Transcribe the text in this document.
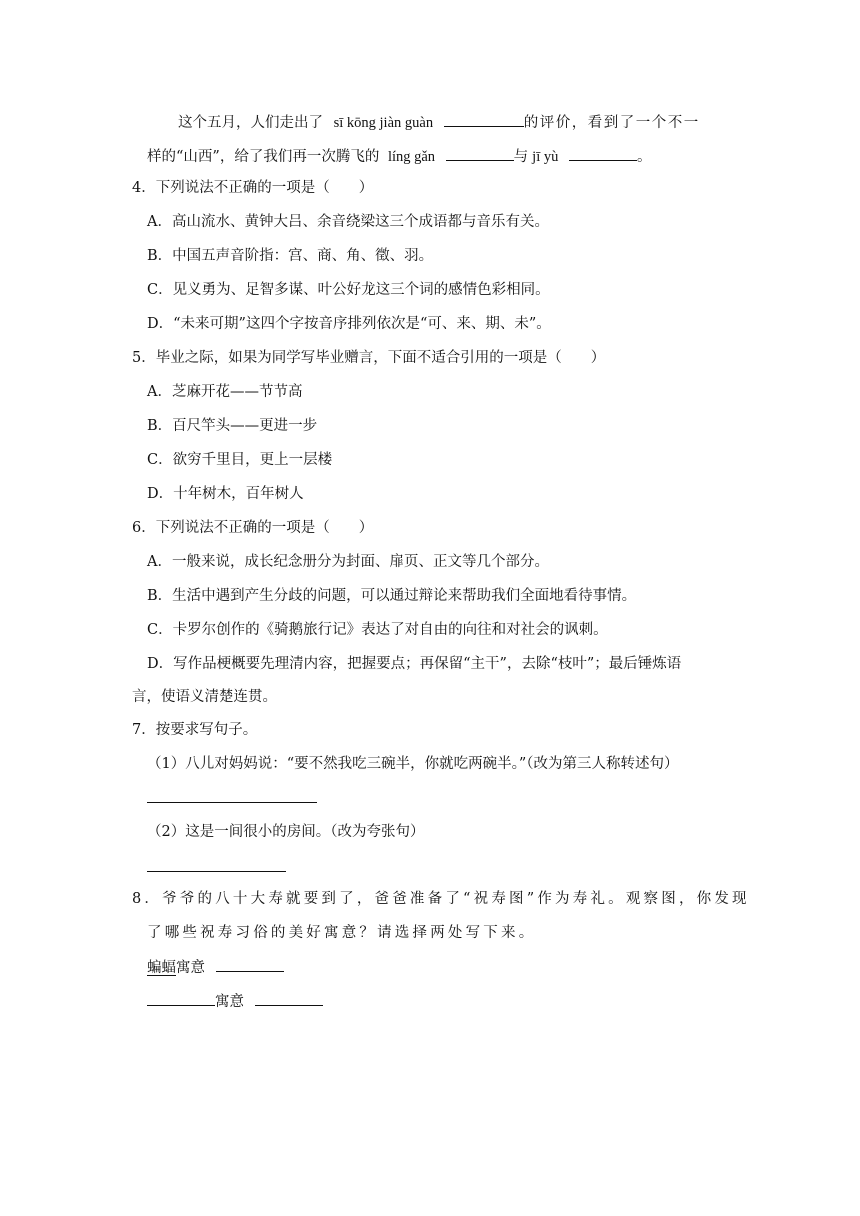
这个五月，人们走出了 sī kōng jiàn guàn	的评价，看到了一个不一
样的“山西”，给了我们再一次腾飞的 líng gǎn	与 jī yù	。
4．下列说法不正确的一项是（　　）
A．高山流水、黄钟大吕、余音绕梁这三个成语都与音乐有关。
B．中国五声音阶指：宫、商、角、徵、羽。
C．见义勇为、足智多谋、叶公好龙这三个词的感情色彩相同。
D．“未来可期”这四个字按音序排列依次是“可、来、期、未”。
5．毕业之际，如果为同学写毕业赠言，下面不适合引用的一项是（　　）
A．芝麻开花——节节高
B．百尺竿头——更进一步
C．欲穷千里目，更上一层楼
D．十年树木，百年树人
6．下列说法不正确的一项是（　　）
A．一般来说，成长纪念册分为封面、扉页、正文等几个部分。
B．生活中遇到产生分歧的问题，可以通过辩论来帮助我们全面地看待事情。
C．卡罗尔创作的《骑鹅旅行记》表达了对自由的向往和对社会的讽刺。
D．写作品梗概要先理清内容，把握要点；再保留“主干”，去除“枝叶”；最后锤炼语
言，使语义清楚连贯。
7．按要求写句子。
（1）八儿对妈妈说：“要不然我吃三碗半，你就吃两碗半。”（改为第三人称转述句）
（2）这是一间很小的房间。（改为夸张句）
8．爷爷的八十大寿就要到了，爸爸准备了“祝寿图”作为寿礼。观察图，你发现
了哪些祝寿习俗的美好寓意？请选择两处写下来。
蝙蝠寓意
寓意
